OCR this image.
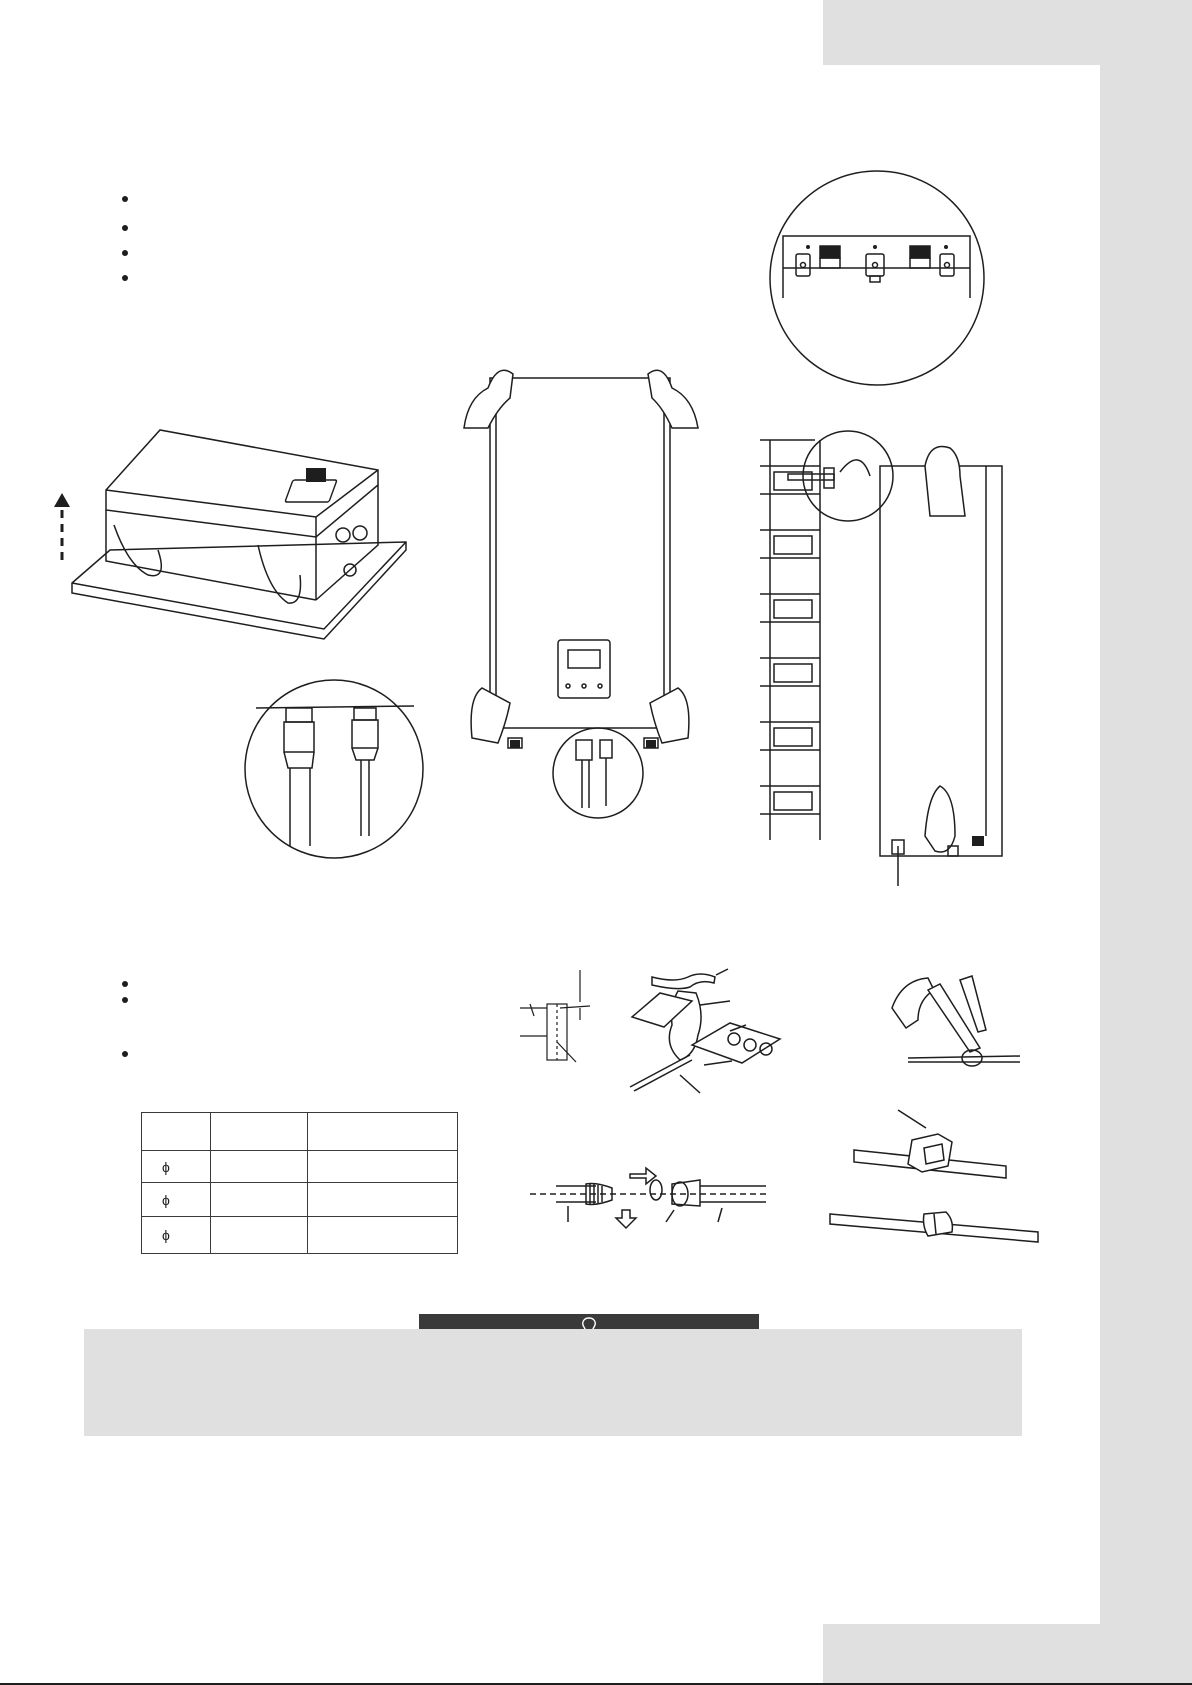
ϕ		
ϕ		
ϕ		
